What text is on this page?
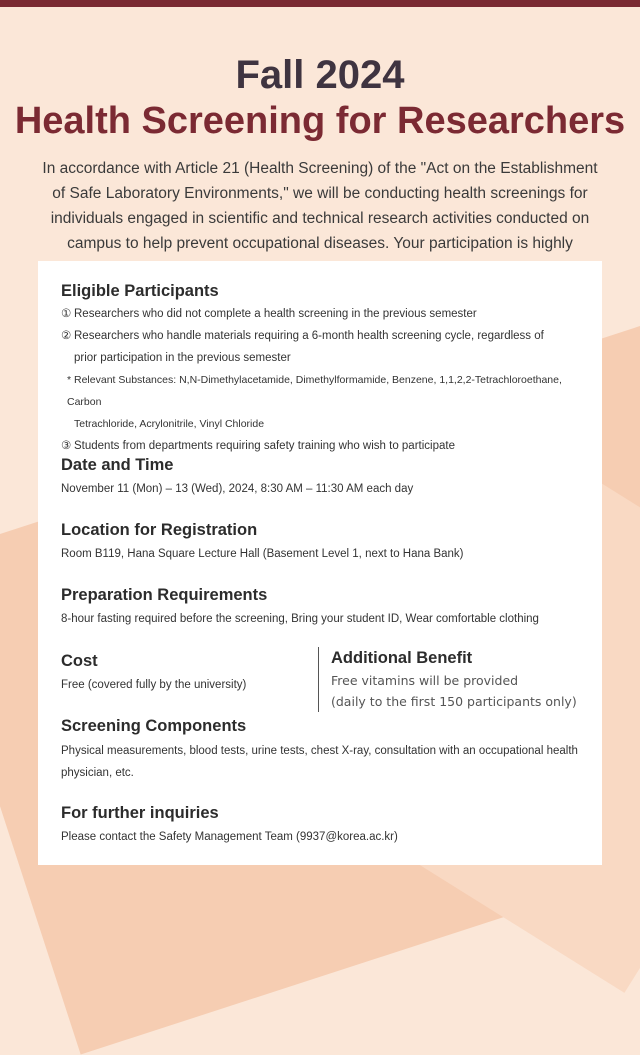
Fall 2024
Health Screening for Researchers
In accordance with Article 21 (Health Screening) of the "Act on the Establishment of Safe Laboratory Environments," we will be conducting health screenings for individuals engaged in scientific and technical research activities conducted on campus to help prevent occupational diseases. Your participation is highly
Eligible Participants
① Researchers who did not complete a health screening in the previous semester
② Researchers who handle materials requiring a 6-month health screening cycle, regardless of
prior participation in the previous semester
* Relevant Substances: N,N-Dimethylacetamide, Dimethylformamide, Benzene, 1,1,2,2-Tetrachloroethane, Carbon
Tetrachloride, Acrylonitrile, Vinyl Chloride
③ Students from departments requiring safety training who wish to participate
Date and Time

November 11 (Mon) – 13 (Wed), 2024, 8:30 AM – 11:30 AM each day

Location for Registration

Room B119, Hana Square Lecture Hall (Basement Level 1, next to Hana Bank)

Preparation Requirements

8-hour fasting required before the screening, Bring your student ID, Wear comfortable clothing

Cost

Free (covered fully by the university)

Additional Benefit

Free vitamins will be provided

(daily to the first 150 participants only)

Screening Components

Physical measurements, blood tests, urine tests, chest X-ray, consultation with an occupational health physician, etc.

For further inquiries

Please contact the Safety Management Team (9937@korea.ac.kr)
